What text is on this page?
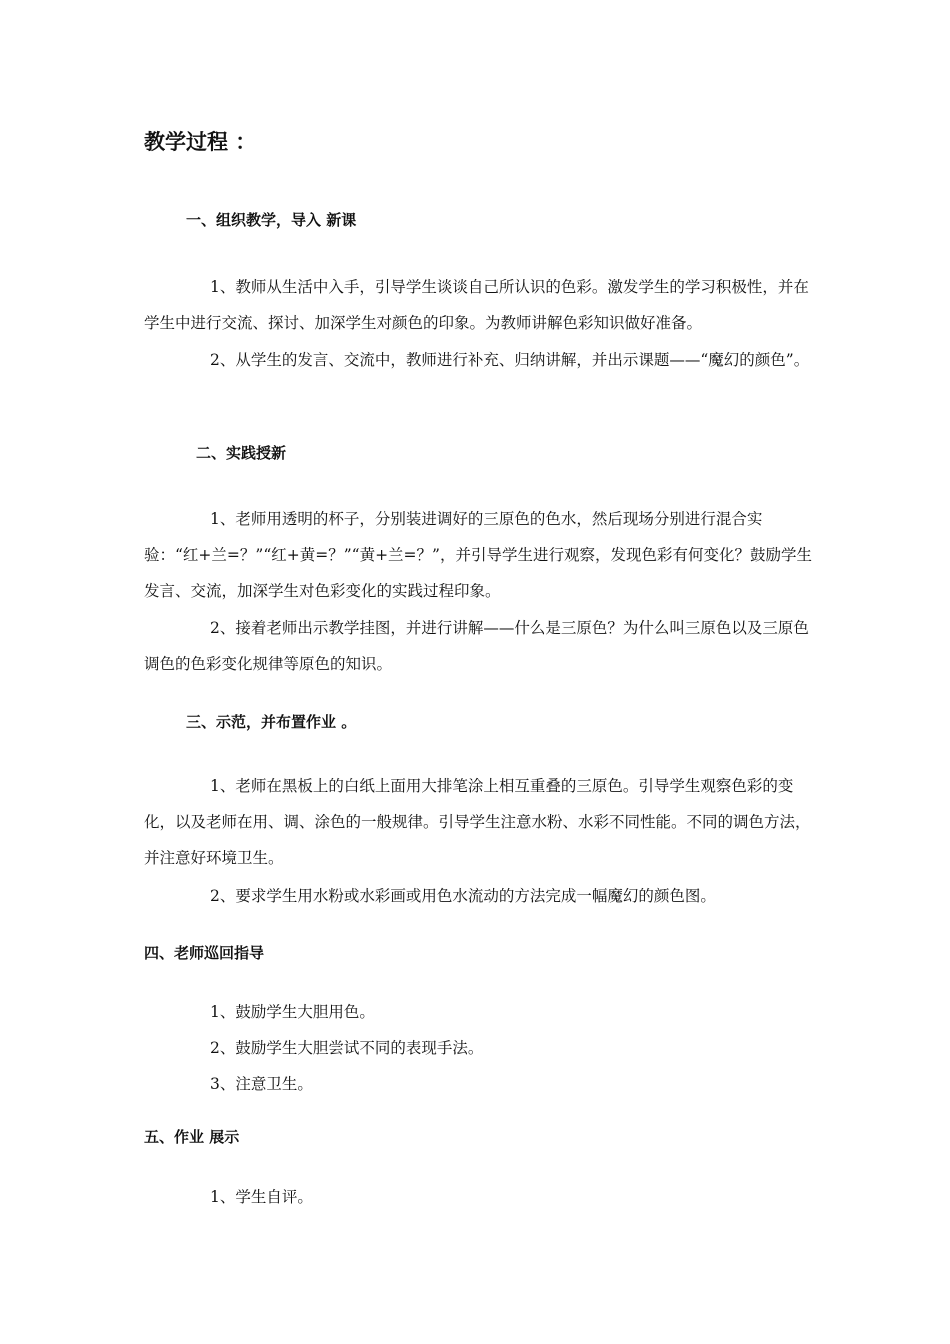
教学过程 ：
一、组织教学，导入 新课
1、教师从生活中入手，引导学生谈谈自己所认识的色彩。激发学生的学习积极性，并在学生中进行交流、探讨、加深学生对颜色的印象。为教师讲解色彩知识做好准备。
2、从学生的发言、交流中，教师进行补充、归纳讲解，并出示课题——“魔幻的颜色”。
二、实践授新
1、老师用透明的杯子，分别装进调好的三原色的色水，然后现场分别进行混合实验：“红+兰=？”“红+黄=？”“黄+兰=？”，并引导学生进行观察，发现色彩有何变化？鼓励学生发言、交流，加深学生对色彩变化的实践过程印象。
2、接着老师出示教学挂图，并进行讲解——什么是三原色？为什么叫三原色以及三原色调色的色彩变化规律等原色的知识。
三、示范，并布置作业 。
1、老师在黑板上的白纸上面用大排笔涂上相互重叠的三原色。引导学生观察色彩的变化，以及老师在用、调、涂色的一般规律。引导学生注意水粉、水彩不同性能。不同的调色方法，并注意好环境卫生。
2、要求学生用水粉或水彩画或用色水流动的方法完成一幅魔幻的颜色图。
四、老师巡回指导
1、鼓励学生大胆用色。
2、鼓励学生大胆尝试不同的表现手法。
3、注意卫生。
五、作业 展示
1、学生自评。
